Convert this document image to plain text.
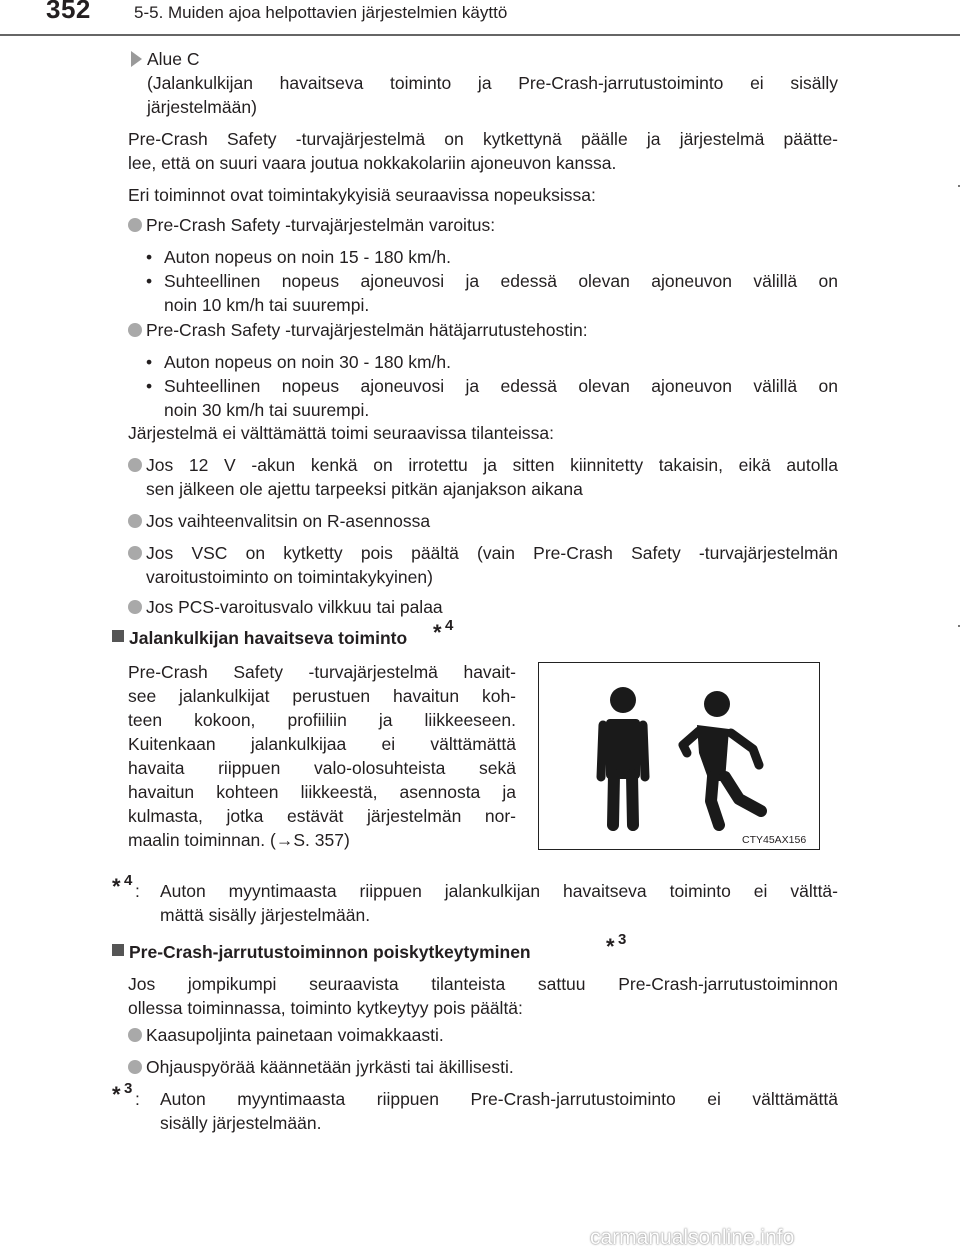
352	5-5. Muiden ajoa helpottavien järjestelmien käyttö
Alue C
(Jalankulkijan havaitseva toiminto ja Pre-Crash-jarrutustoiminto ei sisälly
järjestelmään)
Pre-Crash Safety -turvajärjestelmä on kytkettynä päälle ja järjestelmä päätte-
lee, että on suuri vaara joutua nokkakolariin ajoneuvon kanssa.
Eri toiminnot ovat toimintakykyisiä seuraavissa nopeuksissa:
Pre-Crash Safety -turvajärjestelmän varoitus:
• Auton nopeus on noin 15 - 180 km/h.
• Suhteellinen nopeus ajoneuvosi ja edessä olevan ajoneuvon välillä on
noin 10 km/h tai suurempi.
Pre-Crash Safety -turvajärjestelmän hätäjarrutustehostin:
• Auton nopeus on noin 30 - 180 km/h.
• Suhteellinen nopeus ajoneuvosi ja edessä olevan ajoneuvon välillä on
noin 30 km/h tai suurempi.
Järjestelmä ei välttämättä toimi seuraavissa tilanteissa:
Jos 12 V -akun kenkä on irrotettu ja sitten kiinnitetty takaisin, eikä autolla
sen jälkeen ole ajettu tarpeeksi pitkän ajanjakson aikana
Jos vaihteenvalitsin on R-asennossa
Jos VSC on kytketty pois päältä (vain Pre-Crash Safety -turvajärjestelmän
varoitustoiminto on toimintakykyinen)
Jos PCS-varoitusvalo vilkkuu tai palaa
Jalankulkijan havaitseva toiminto * 4
Pre-Crash Safety -turvajärjestelmä havait-
see jalankulkijat perustuen havaitun koh-
teen kokoon, profiiliin ja liikkeeseen.
Kuitenkaan jalankulkijaa ei välttämättä
havaita riippuen valo-olosuhteista sekä
havaitun kohteen liikkeestä, asennosta ja
kulmasta, jotka estävät järjestelmän nor-
maalin toiminnan. (→S. 357)	CTY45AX156
* 4
: Auton myyntimaasta riippuen jalankulkijan havaitseva toiminto ei välttä-
mättä sisälly järjestelmään.
Pre-Crash-jarrutustoiminnon poiskytkeytyminen	* 3
Jos jompikumpi seuraavista tilanteista sattuu Pre-Crash-jarrutustoiminnon
ollessa toiminnassa, toiminto kytkeytyy pois päältä:
Kaasupoljinta painetaan voimakkaasti.
Ohjauspyörää käännetään jyrkästi tai äkillisesti.
* 3
: Auton myyntimaasta riippuen Pre-Crash-jarrutustoiminto ei välttämättä
sisälly järjestelmään.
carmanualsonline.info
